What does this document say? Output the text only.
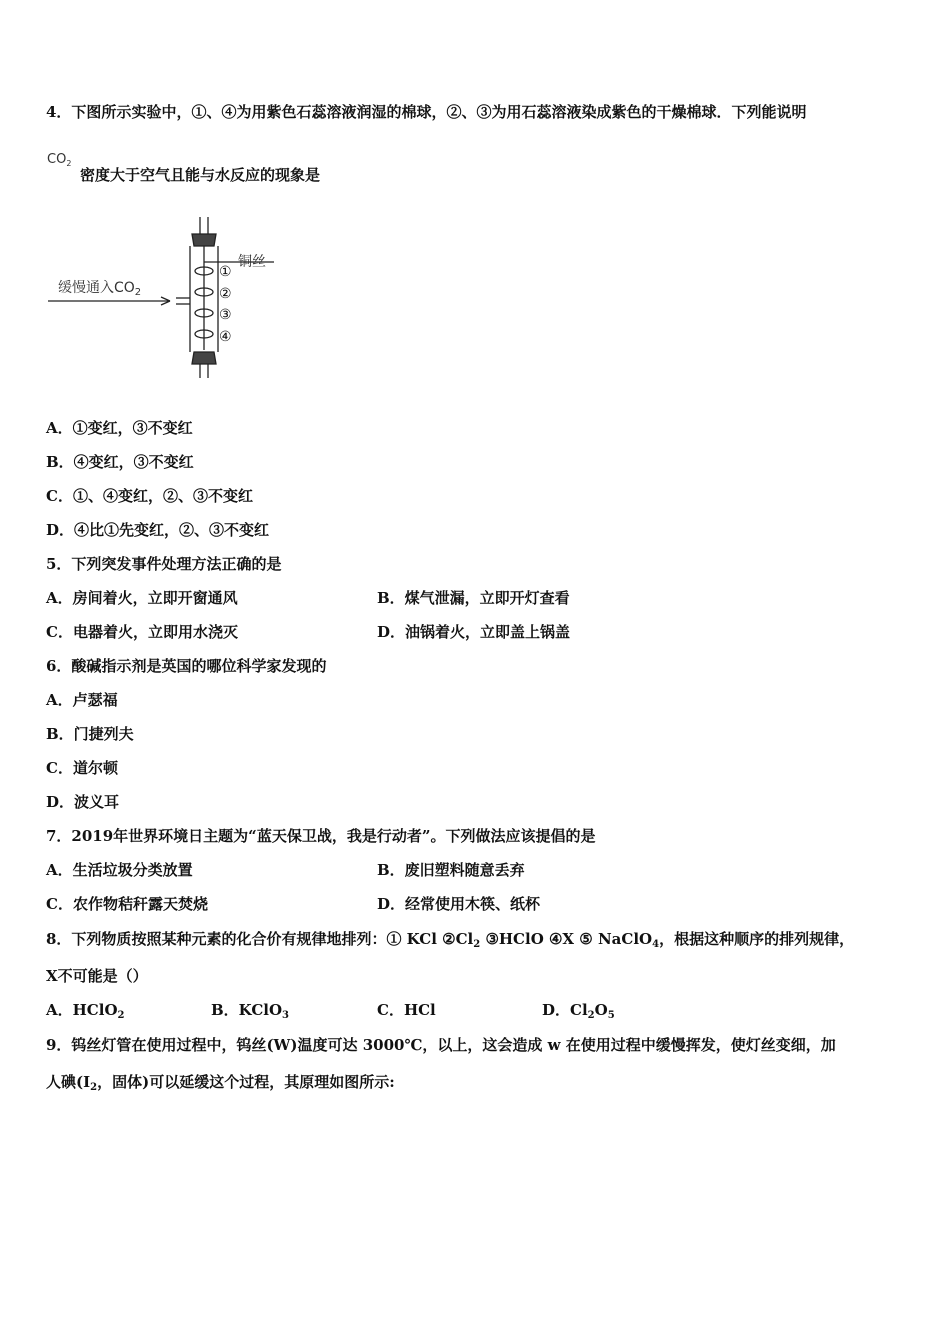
4．下图所示实验中，①、④为用紫色石蕊溶液润湿的棉球，②、③为用石蕊溶液染成紫色的干燥棉球．下列能说明
$CO_2$
密度大于空气且能与水反应的现象是
缓慢通入$CO_2$
铜丝
①
②
③
④
A．①变红，③不变红
B．④变红，③不变红
C．①、④变红，②、③不变红
D．④比①先变红，②、③不变红
5．下列突发事件处理方法正确的是
A．房间着火，立即开窗通风	B．煤气泄漏，立即开灯查看
C．电器着火，立即用水浇灭	D．油锅着火，立即盖上锅盖
6．酸碱指示剂是英国的哪位科学家发现的
A．卢瑟福
B．门捷列夫
C．道尔顿
D．波义耳
7．2019年世界环境日主题为“蓝天保卫战，我是行动者”。下列做法应该提倡的是
A．生活垃圾分类放置	B．废旧塑料随意丢弃
C．农作物秸秆露天焚烧	D．经常使用木筷、纸杯
8．下列物质按照某种元素的化合价有规律地排列：① KCl $②Cl_2$ ③HClO ④X ⑤ NaClO$_4$，根据这种顺序的排列规律，
X不可能是（）
A．HClO$_2$	B．KClO$_3$	C．HCl	D．$Cl_2O_5$
9．钨丝灯管在使用过程中，钨丝(W)温度可达 3000℃，以上，这会造成 w 在使用过程中缓慢挥发，使灯丝变细，加
人碘($I_2$，固体)可以延缓这个过程，其原理如图所示:
